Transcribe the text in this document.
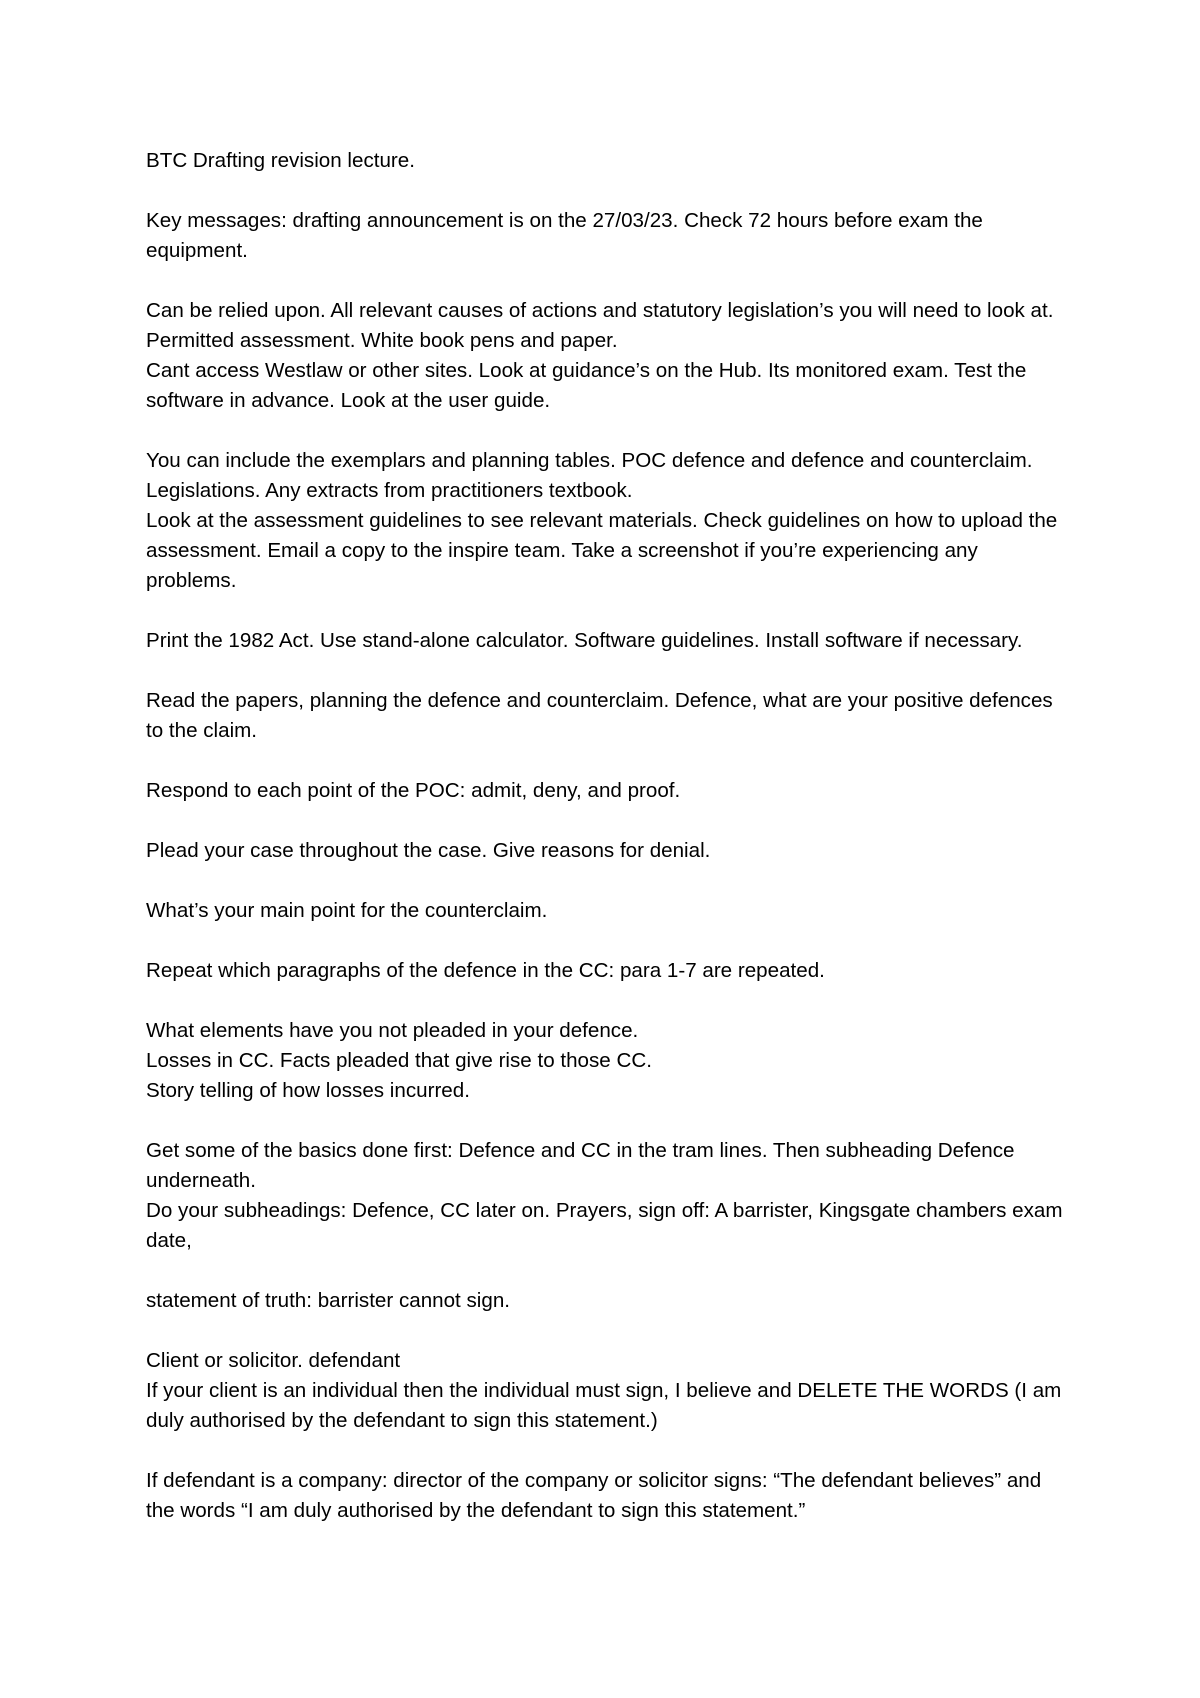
BTC Drafting revision lecture.

Key messages: drafting announcement is on the 27/03/23. Check 72 hours before exam the equipment.

Can be relied upon. All relevant causes of actions and statutory legislation’s you will need to look at. Permitted assessment. White book pens and paper.
Cant access Westlaw or other sites. Look at guidance’s on the Hub. Its monitored exam. Test the software in advance. Look at the user guide.

You can include the exemplars and planning tables. POC defence and defence and counterclaim. Legislations. Any extracts from practitioners textbook.
Look at the assessment guidelines to see relevant materials. Check guidelines on how to upload the assessment. Email a copy to the inspire team. Take a screenshot if you’re experiencing any problems.

Print the 1982 Act. Use stand-alone calculator. Software guidelines. Install software if necessary.

Read the papers, planning the defence and counterclaim. Defence, what are your positive defences to the claim.

Respond to each point of the POC: admit, deny, and proof.

Plead your case throughout the case. Give reasons for denial.

What’s your main point for the counterclaim.

Repeat which paragraphs of the defence in the CC: para 1-7 are repeated.

What elements have you not pleaded in your defence.
Losses in CC. Facts pleaded that give rise to those CC.
Story telling of how losses incurred.

Get some of the basics done first: Defence and CC in the tram lines. Then subheading Defence underneath.
Do your subheadings: Defence, CC later on. Prayers, sign off: A barrister, Kingsgate chambers exam date,

statement of truth: barrister cannot sign.

Client or solicitor. defendant
If your client is an individual then the individual must sign, I believe and DELETE THE WORDS (I am duly authorised by the defendant to sign this statement.)

If defendant is a company: director of the company or solicitor signs: “The defendant believes” and the words “I am duly authorised by the defendant to sign this statement.”
